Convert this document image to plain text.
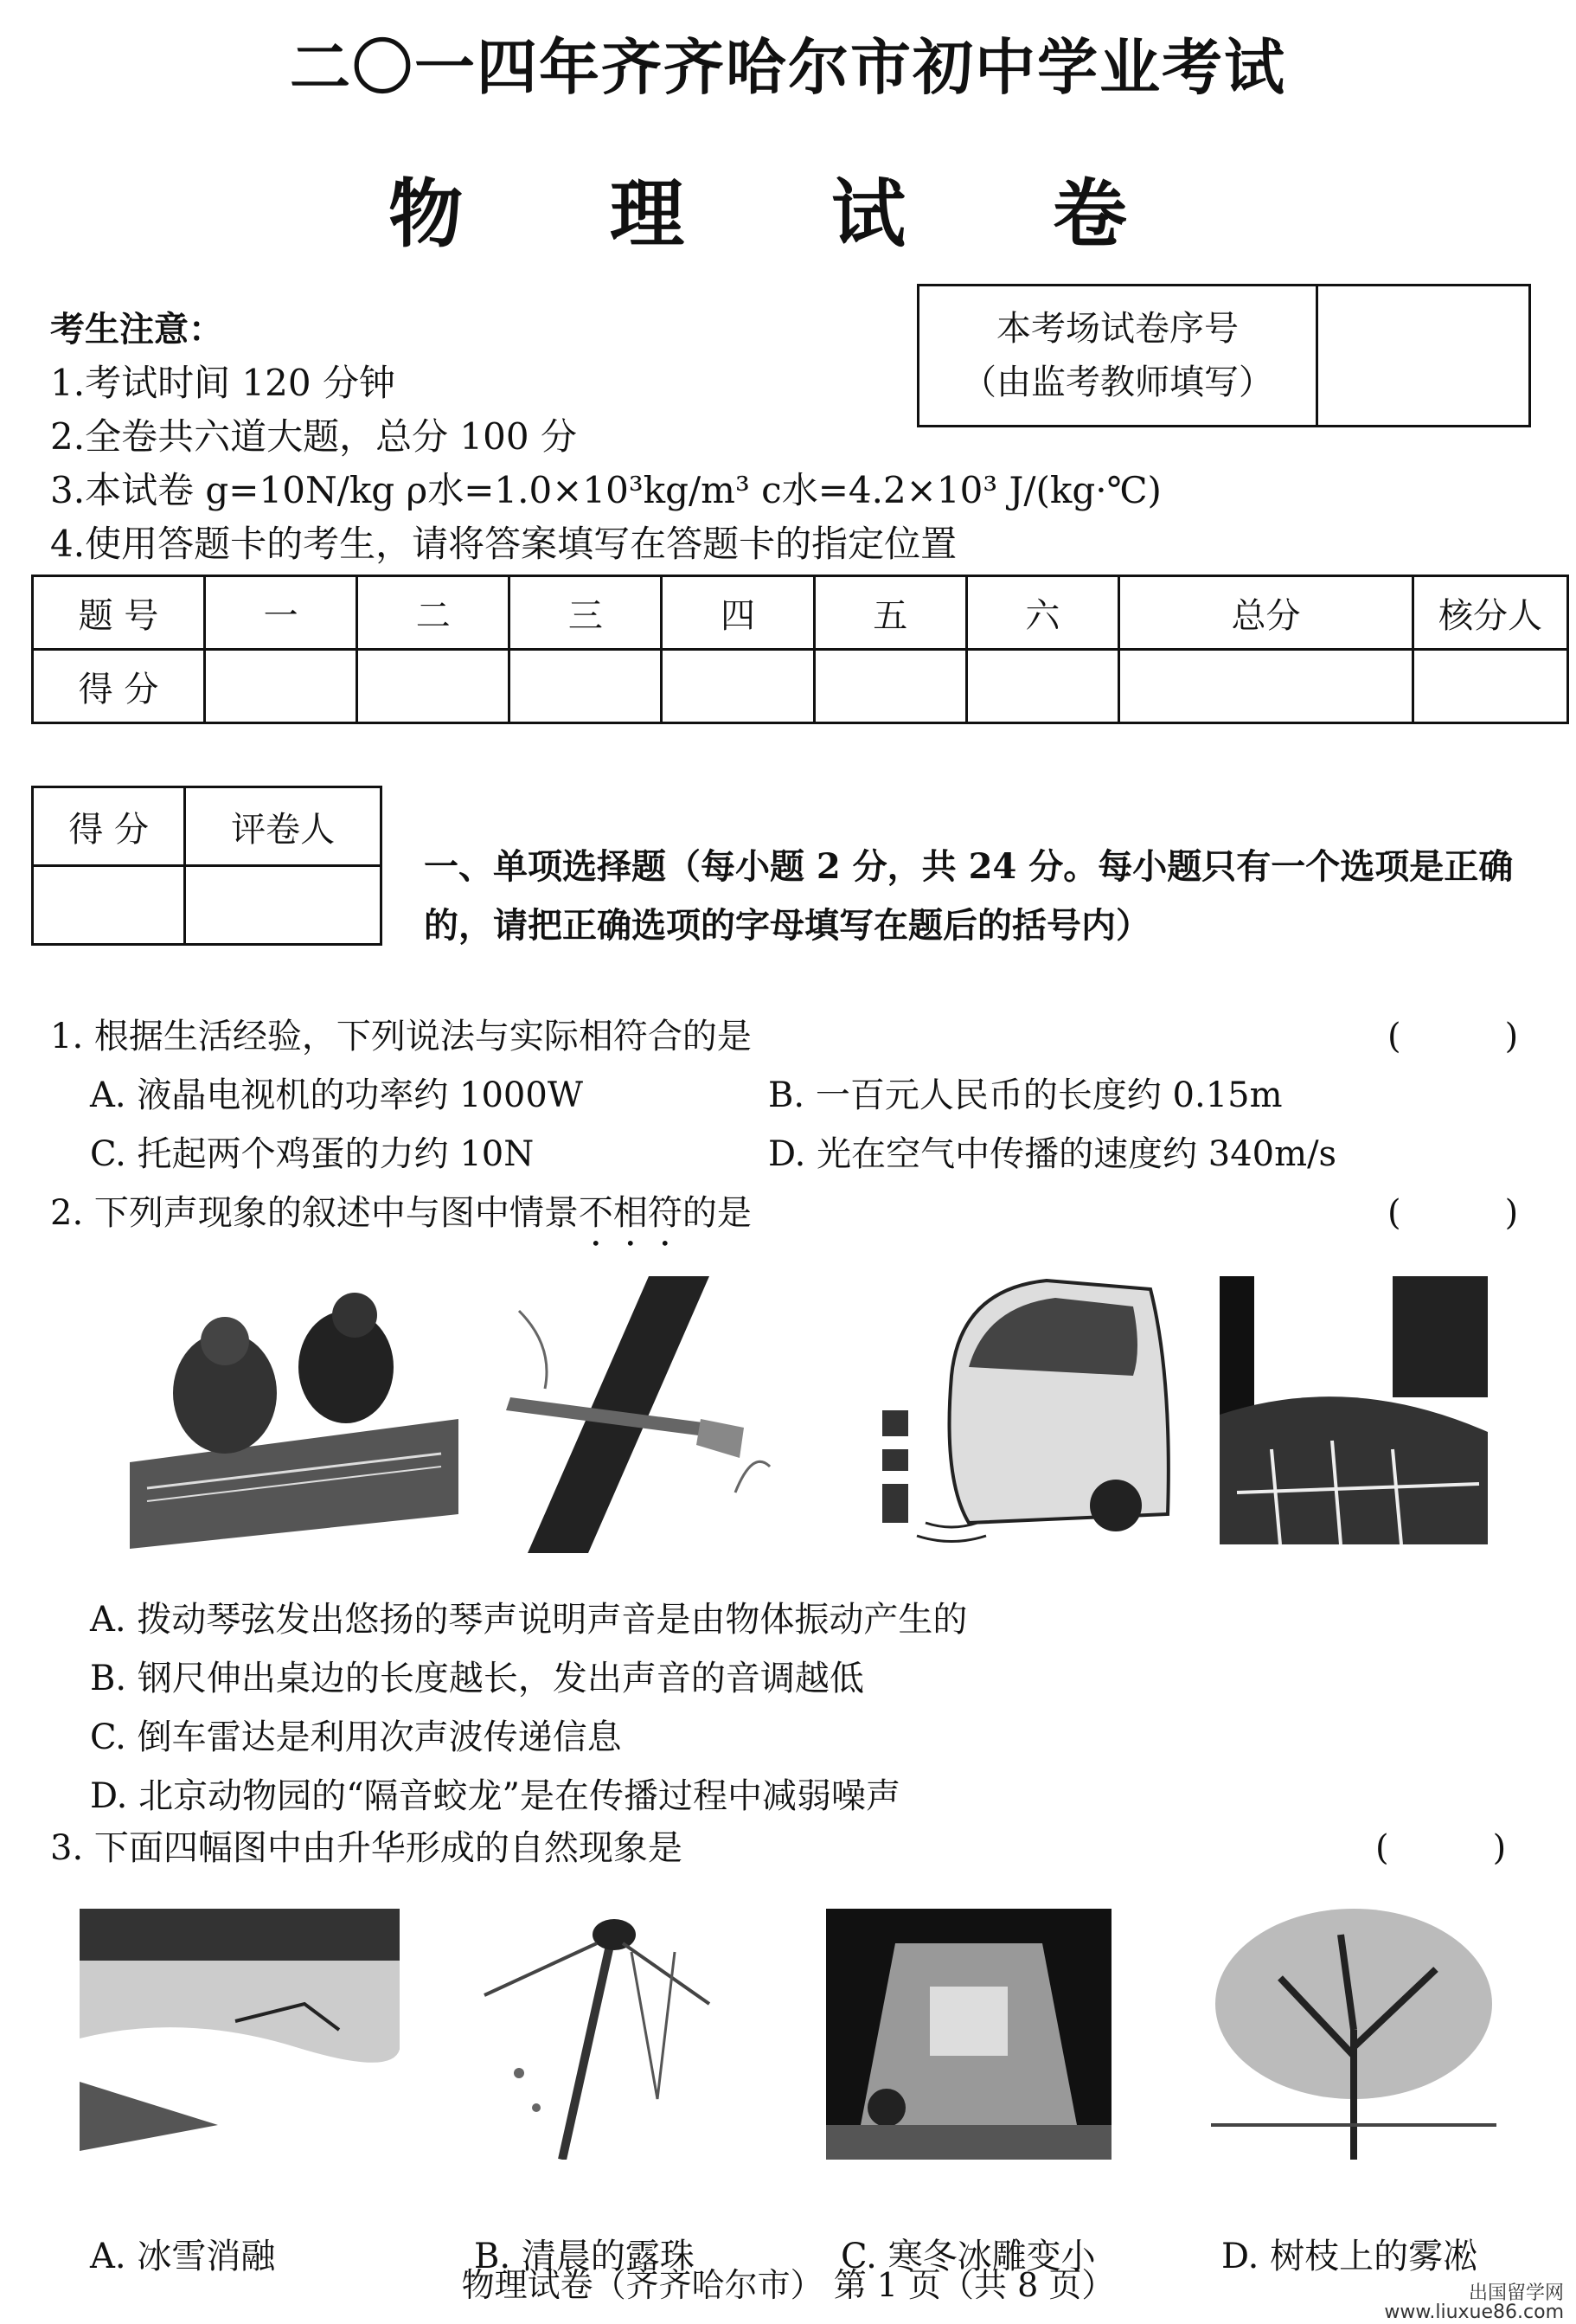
二〇一四年齐齐哈尔市初中学业考试
物 理 试 卷
考生注意：
1.考试时间 120 分钟
2.全卷共六道大题，总分 100 分
3.本试卷 g=10N/kg ρ水=1.0×10³kg/m³ c水=4.2×10³ J/(kg·℃)
4.使用答题卡的考生，请将答案填写在答题卡的指定位置
本考场试卷序号
（由监考教师填写）
题 号	一	二	三	四	五	六	总分	核分人
得 分								
得 分	评卷人

一、单项选择题（每小题 2 分，共 24 分。每小题只有一个选项是正确的，请把正确选项的字母填写在题后的括号内）
1. 根据生活经验，下列说法与实际相符合的是	(　　　)
A. 液晶电视机的功率约 1000W	B. 一百元人民币的长度约 0.15m
C. 托起两个鸡蛋的力约 10N	D. 光在空气中传播的速度约 340m/s
2. 下列声现象的叙述中与图中情景不相符的是	(　　　)
A. 拨动琴弦发出悠扬的琴声说明声音是由物体振动产生的
B. 钢尺伸出桌边的长度越长，发出声音的音调越低
C. 倒车雷达是利用次声波传递信息
D. 北京动物园的“隔音蛟龙”是在传播过程中减弱噪声
3. 下面四幅图中由升华形成的自然现象是	(　　　)
A. 冰雪消融	B. 清晨的露珠	C. 寒冬冰雕变小	D. 树枝上的雾凇
物理试卷（齐齐哈尔市） 第 1 页（共 8 页）	出国留学网
www.liuxue86.com
